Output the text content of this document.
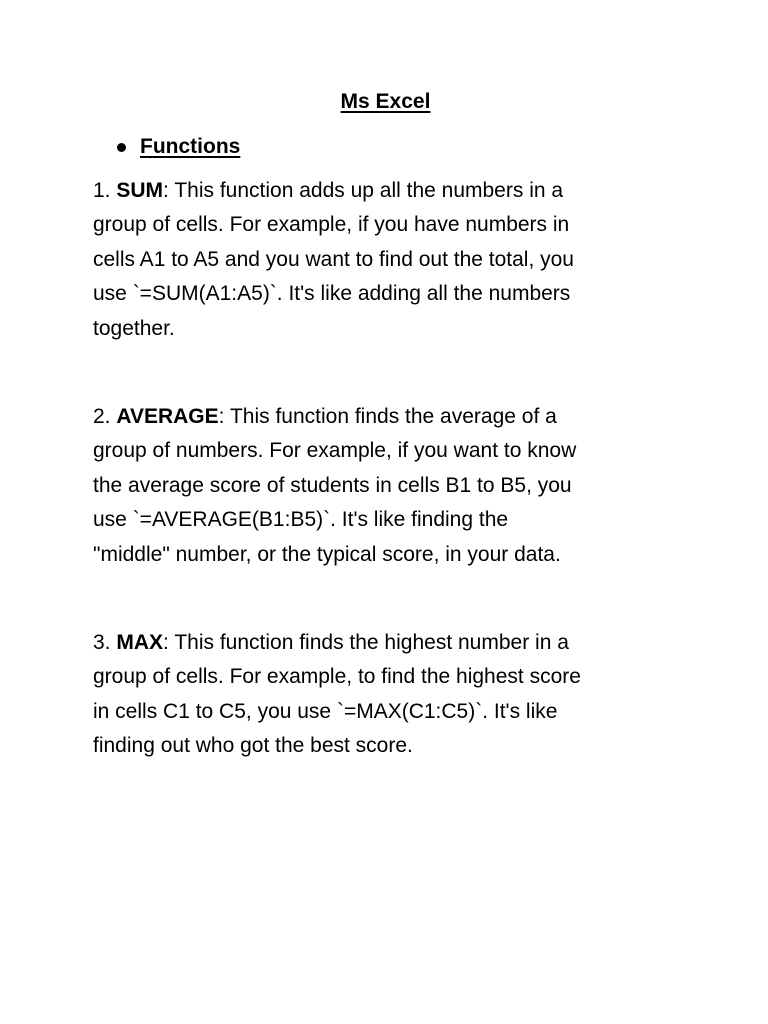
Ms Excel
Functions

1. SUM: This function adds up all the numbers in a
group of cells. For example, if you have numbers in
cells A1 to A5 and you want to find out the total, you
use `=SUM(A1:A5)`. It's like adding all the numbers
together.

2. AVERAGE: This function finds the average of a
group of numbers. For example, if you want to know
the average score of students in cells B1 to B5, you
use `=AVERAGE(B1:B5)`. It's like finding the
"middle" number, or the typical score, in your data.

3. MAX: This function finds the highest number in a
group of cells. For example, to find the highest score
in cells C1 to C5, you use `=MAX(C1:C5)`. It's like
finding out who got the best score.
